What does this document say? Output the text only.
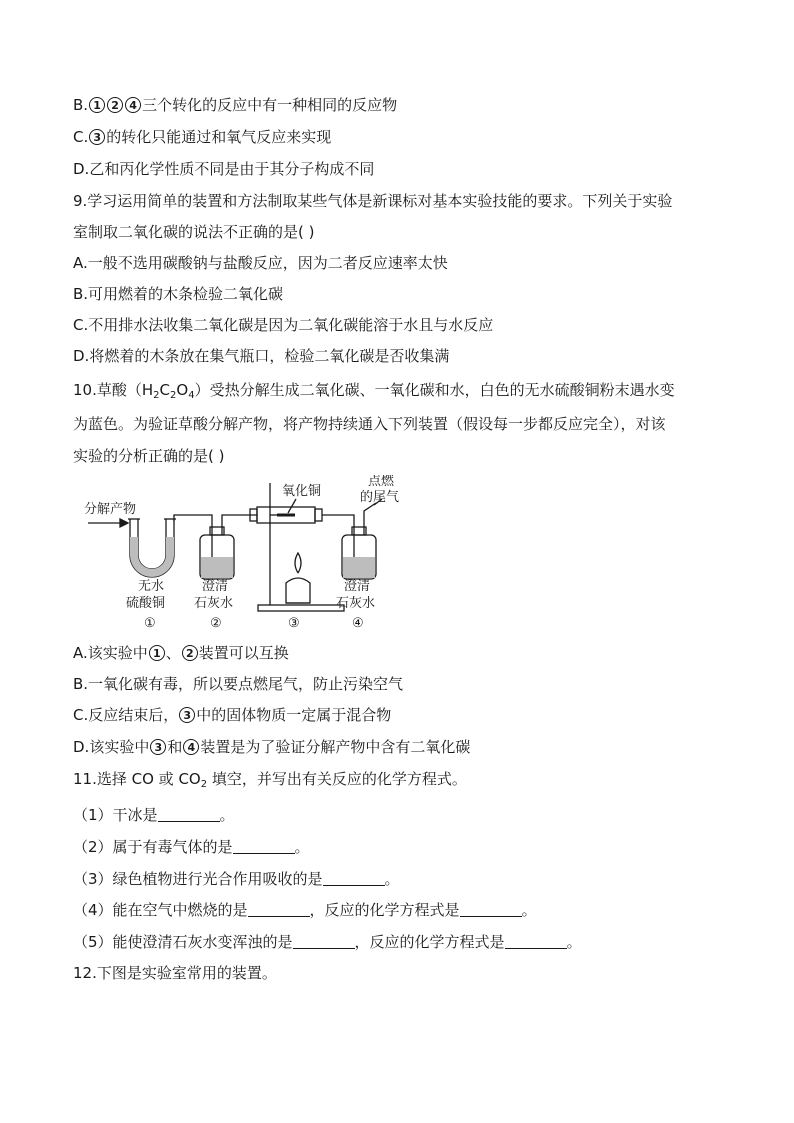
B. 1 2 4 三个转化的反应中有一种相同的反应物
C. 3 的转化只能通过和氧气反应来实现
D.乙和丙化学性质不同是由于其分子构成不同
9.学习运用简单的装置和方法制取某些气体是新课标对基本实验技能的要求。下列关于实验
室制取二氧化碳的说法不正确的是( )
A.一般不选用碳酸钠与盐酸反应，因为二者反应速率太快
B.可用燃着的木条检验二氧化碳
C.不用排水法收集二氧化碳是因为二氧化碳能溶于水且与水反应
D.将燃着的木条放在集气瓶口，检验二氧化碳是否收集满
10.草酸$(H_2C_2O_4)$受热分解生成二氧化碳、一氧化碳和水，白色的无水硫酸铜粉末遇水变
为蓝色。为验证草酸分解产物，将产物持续通入下列装置（假设每一步都反应完全），对该
实验的分析正确的是( )
分解产物
氧化铜
点燃
的尾气
无水
硫酸铜
澄清
石灰水
澄清
石灰水
①	②	③	④
A.该实验中 1 、 2 装置可以互换
B.一氧化碳有毒，所以要点燃尾气，防止污染空气
C.反应结束后， 3 中的固体物质一定属于混合物
D.该实验中 3 和 4 装置是为了验证分解产物中含有二氧化碳
11.选择 CO 或 $CO_2$ 填空，并写出有关反应的化学方程式。
（1）干冰是	。
（2）属于有毒气体的是	。
（3）绿色植物进行光合作用吸收的是	。
（4）能在空气中燃烧的是	，反应的化学方程式是	。
（5）能使澄清石灰水变浑浊的是	，反应的化学方程式是	。
12.下图是实验室常用的装置。
